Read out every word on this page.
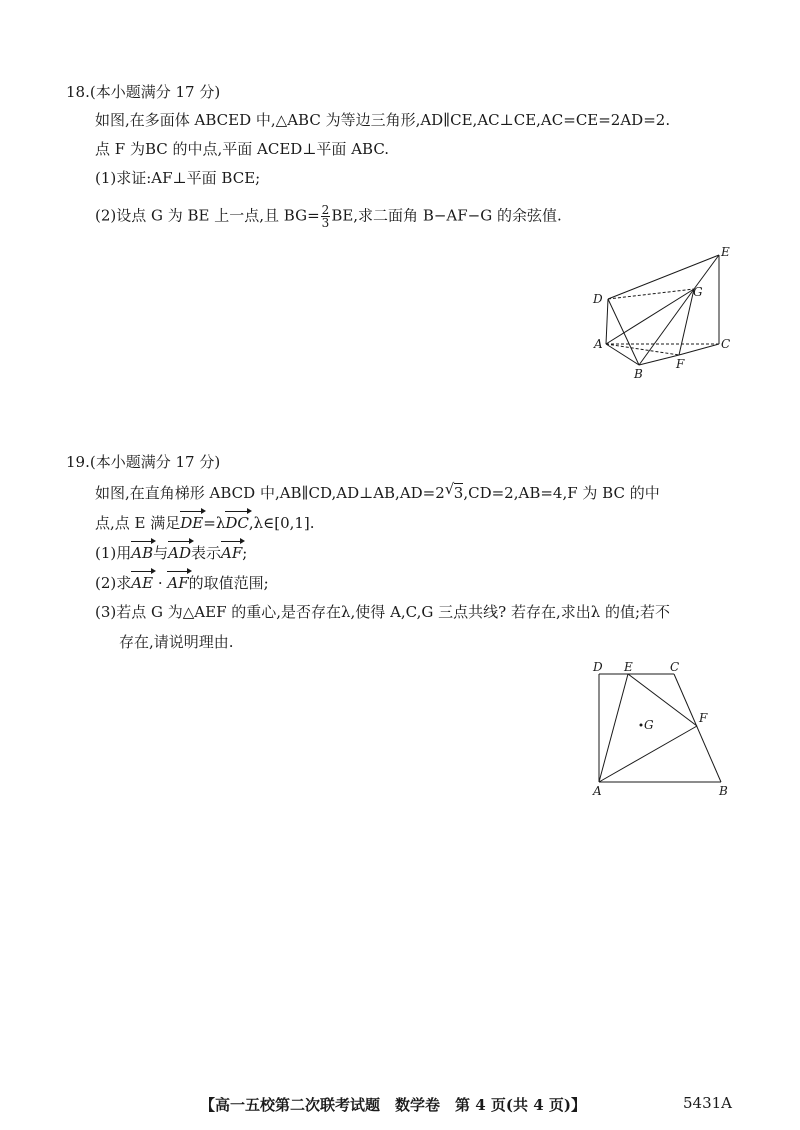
18.(本小题满分 17 分)
如图,在多面体 ABCED 中,△ABC 为等边三角形,AD∥CE,AC⊥CE,AC=CE=2AD=2.
点 F 为BC 的中点,平面 ACED⊥平面 ABC.
(1)求证:AF⊥平面 BCE;
(2)设点 G 为 BE 上一点,且 $BG= \frac{2}{3}$ BE,求二面角 B−AF−G 的余弦值.
E
D	G
A	C
B
F
19.(本小题满分 17 分)
如图,在直角梯形 ABCD 中,AB∥CD,AD⊥AB,AD=2 √ 3,CD=2,AB=4,F 为 BC 的中
点,点 E 满足DE=λDC,λ∈[0,1].
(1)用AB与AD表示AF;
(2)求AE · AF的取值范围;
(3)若点 G 为△AEF 的重心,是否存在λ,使得 A,C,G 三点共线? 若存在,求出λ 的值;若不
存在,请说明理由.
D E	C
F
G
A	B
【高一五校第二次联考试题　数学卷　第 4 页(共 4 页)】	5431A
